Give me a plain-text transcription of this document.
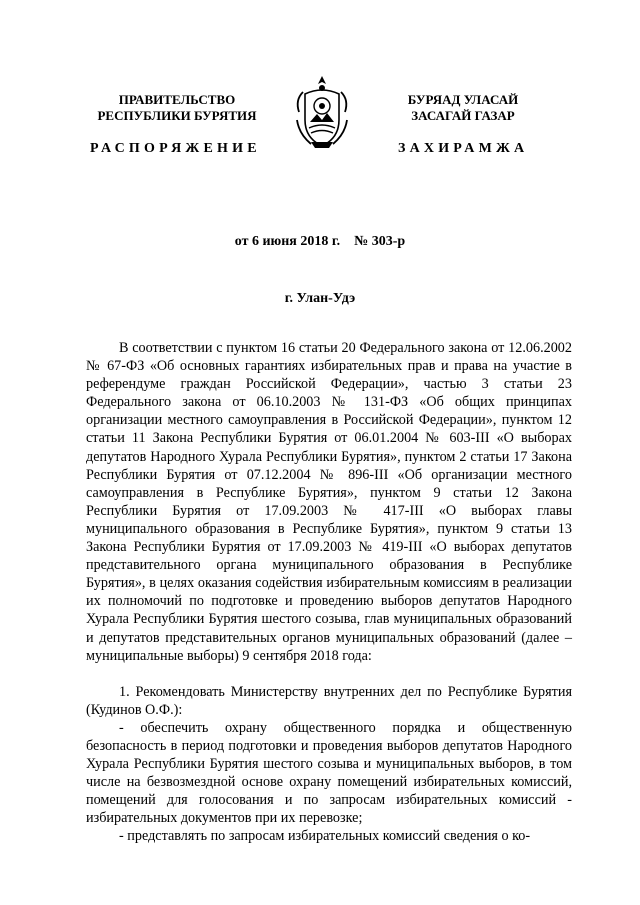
ПРАВИТЕЛЬСТВО
РЕСПУБЛИКИ БУРЯТИЯ
БУРЯАД УЛАСАЙ
ЗАСАГАЙ ГАЗАР
РАСПОРЯЖЕНИЕ	ЗАХИРАМЖА
от 6 июня 2018 г. № 303-р
г. Улан-Удэ

В соответствии с пунктом 16 статьи 20 Федерального закона от 12.06.2002 № 67-ФЗ «Об основных гарантиях избирательных прав и права на участие в референдуме граждан Российской Федерации», частью 3 статьи 23 Федерального закона от 06.10.2003 № 131-ФЗ «Об общих принципах организации местного самоуправления в Российской Федерации», пунктом 12 статьи 11 Закона Республики Бурятия от 06.01.2004 № 603-III «О выборах депутатов Народного Хурала Республики Бурятия», пунктом 2 статьи 17 Закона Республики Бурятия от 07.12.2004 № 896-III «Об организации местного самоуправления в Республике Бурятия», пунктом 9 статьи 12 Закона Республики Бурятия от 17.09.2003 № 417-III «О выборах главы муниципального образования в Республике Бурятия», пунктом 9 статьи 13 Закона Республики Бурятия от 17.09.2003 № 419-III «О выборах депутатов представительного органа муниципального образования в Республике Бурятия», в целях оказания содействия избирательным комиссиям в реализации их полномочий по подготовке и проведению выборов депутатов Народного Хурала Республики Бурятия шестого созыва, глав муниципальных образований и депутатов представительных органов муниципальных образований (далее – муниципальные выборы) 9 сентября 2018 года:

1. Рекомендовать Министерству внутренних дел по Республике Бурятия (Кудинов О.Ф.):

- обеспечить охрану общественного порядка и общественную безопасность в период подготовки и проведения выборов депутатов Народного Хурала Республики Бурятия шестого созыва и муниципальных выборов, в том числе на безвозмездной основе охрану помещений избирательных комиссий, помещений для голосования и по запросам избирательных комиссий - избирательных документов при их перевозке;

- представлять по запросам избирательных комиссий сведения о ко-
